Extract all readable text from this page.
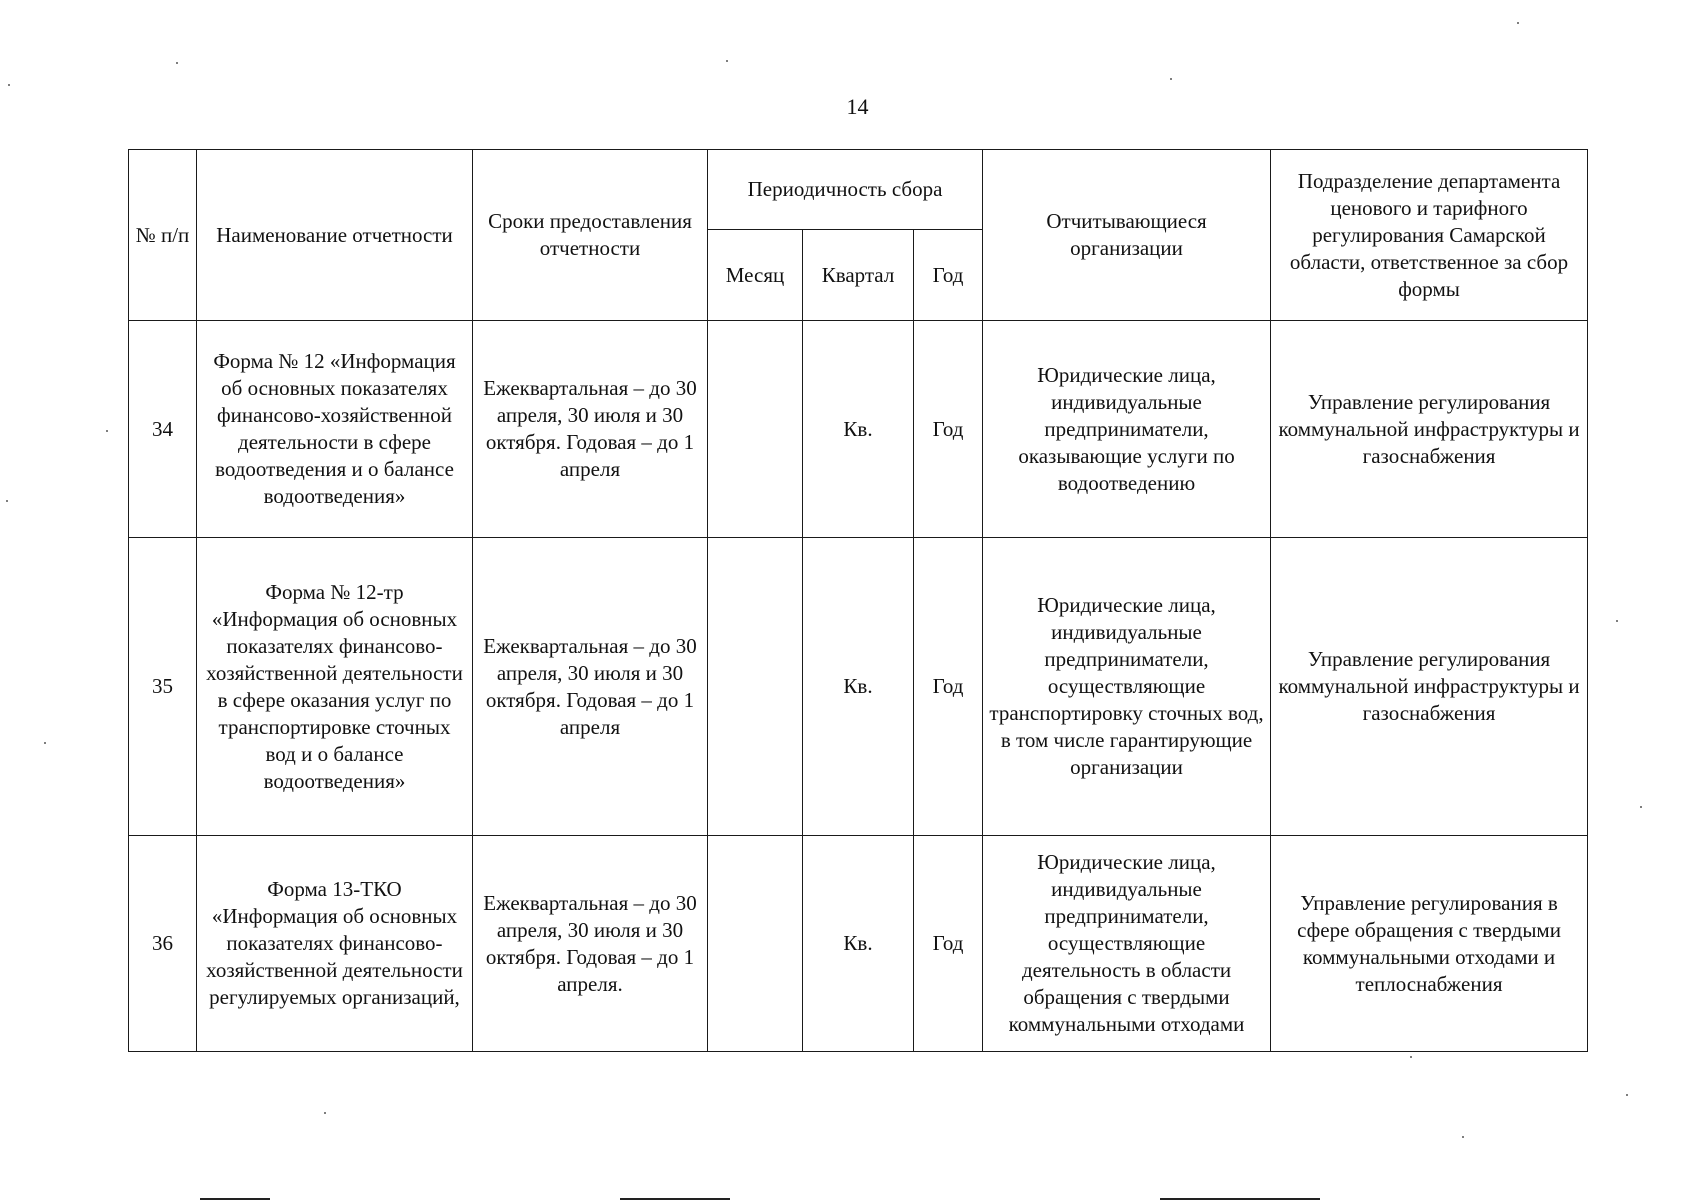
14
№ п/п	Наименование отчетности	Сроки предоставления отчетности	Периодичность сбора			Отчитывающиеся организации	Подразделение департамента ценового и тарифного регулирования Самарской области, ответственное за сбор формы
			Месяц	Квартал	Год		
34	Форма № 12 «Информация об основных показателях финансово-хозяйственной деятельности в сфере водоотведения и о балансе водоотведения»	Ежеквартальная – до 30 апреля, 30 июля и 30 октября. Годовая – до 1 апреля		Кв.	Год	Юридические лица, индивидуальные предприниматели, оказывающие услуги по водоотведению	Управление регулирования коммунальной инфраструктуры и газоснабжения
35	Форма № 12-тр «Информация об основных показателях финансово-хозяйственной деятельности в сфере оказания услуг по транспортировке сточных вод и о балансе водоотведения»	Ежеквартальная – до 30 апреля, 30 июля и 30 октября. Годовая – до 1 апреля		Кв.	Год	Юридические лица, индивидуальные предприниматели, осуществляющие транспортировку сточных вод, в том числе гарантирующие организации	Управление регулирования коммунальной инфраструктуры и газоснабжения
36	Форма 13-ТКО «Информация об основных показателях финансово-хозяйственной деятельности регулируемых организаций,	Ежеквартальная – до 30 апреля, 30 июля и 30 октября. Годовая – до 1 апреля.		Кв.	Год	Юридические лица, индивидуальные предприниматели, осуществляющие деятельность в области обращения с твердыми коммунальными отходами	Управление регулирования в сфере обращения с твердыми коммунальными отходами и теплоснабжения
